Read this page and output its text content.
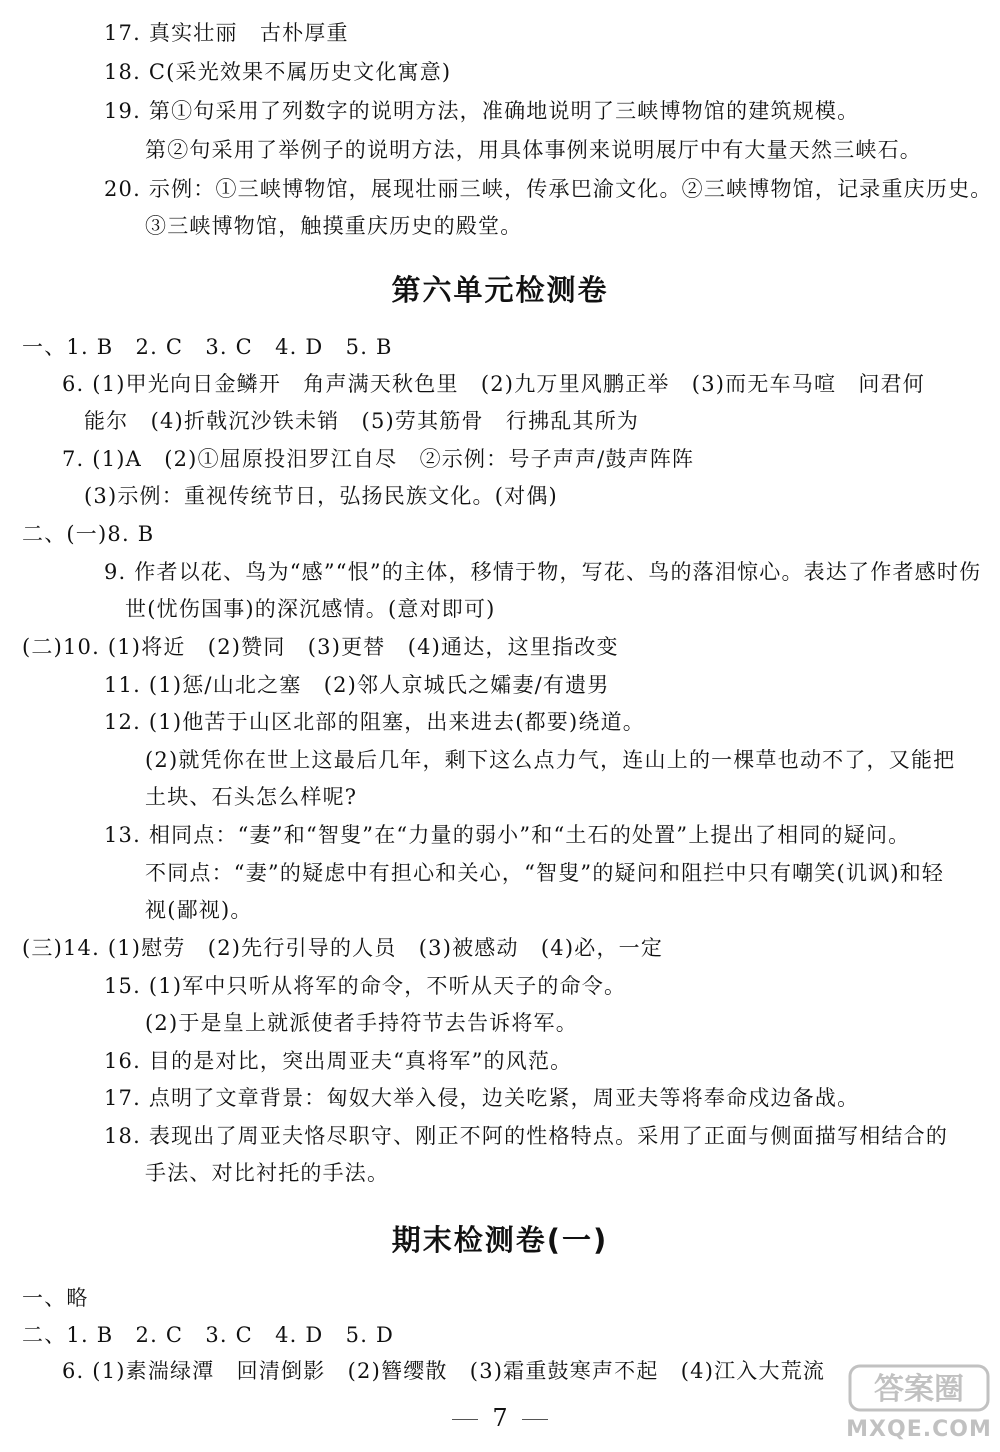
17. 真实壮丽　古朴厚重
18. C(采光效果不属历史文化寓意)
19. 第①句采用了列数字的说明方法，准确地说明了三峡博物馆的建筑规模。
第②句采用了举例子的说明方法，用具体事例来说明展厅中有大量天然三峡石。
20. 示例：①三峡博物馆，展现壮丽三峡，传承巴渝文化。②三峡博物馆，记录重庆历史。
③三峡博物馆，触摸重庆历史的殿堂。
第六单元检测卷
一、1. B　2. C　3. C　4. D　5. B
6. (1)甲光向日金鳞开　角声满天秋色里　(2)九万里风鹏正举　(3)而无车马喧　问君何
能尔　(4)折戟沉沙铁未销　(5)劳其筋骨　行拂乱其所为
7. (1)A　(2)①屈原投汨罗江自尽　②示例：号子声声/鼓声阵阵
(3)示例：重视传统节日，弘扬民族文化。(对偶)
二、(一)8. B
9. 作者以花、鸟为“感”“恨”的主体，移情于物，写花、鸟的落泪惊心。表达了作者感时伤
世(忧伤国事)的深沉感情。(意对即可)
(二)10. (1)将近　(2)赞同　(3)更替　(4)通达，这里指改变
11. (1)惩/山北之塞　(2)邻人京城氏之孀妻/有遗男
12. (1)他苦于山区北部的阻塞，出来进去(都要)绕道。
(2)就凭你在世上这最后几年，剩下这么点力气，连山上的一棵草也动不了，又能把
土块、石头怎么样呢?
13. 相同点：“妻”和“智叟”在“力量的弱小”和“土石的处置”上提出了相同的疑问。
不同点：“妻”的疑虑中有担心和关心，“智叟”的疑问和阻拦中只有嘲笑(讥讽)和轻
视(鄙视)。
(三)14. (1)慰劳　(2)先行引导的人员　(3)被感动　(4)必，一定
15. (1)军中只听从将军的命令，不听从天子的命令。
(2)于是皇上就派使者手持符节去告诉将军。
16. 目的是对比，突出周亚夫“真将军”的风范。
17. 点明了文章背景：匈奴大举入侵，边关吃紧，周亚夫等将奉命戍边备战。
18. 表现出了周亚夫恪尽职守、刚正不阿的性格特点。采用了正面与侧面描写相结合的
手法、对比衬托的手法。
期末检测卷(一)
一、略
二、1. B　2. C　3. C　4. D　5. D
6. (1)素湍绿潭　回清倒影　(2)簪缨散　(3)霜重鼓寒声不起　(4)江入大荒流
7
答案圈
MXQE.COM
